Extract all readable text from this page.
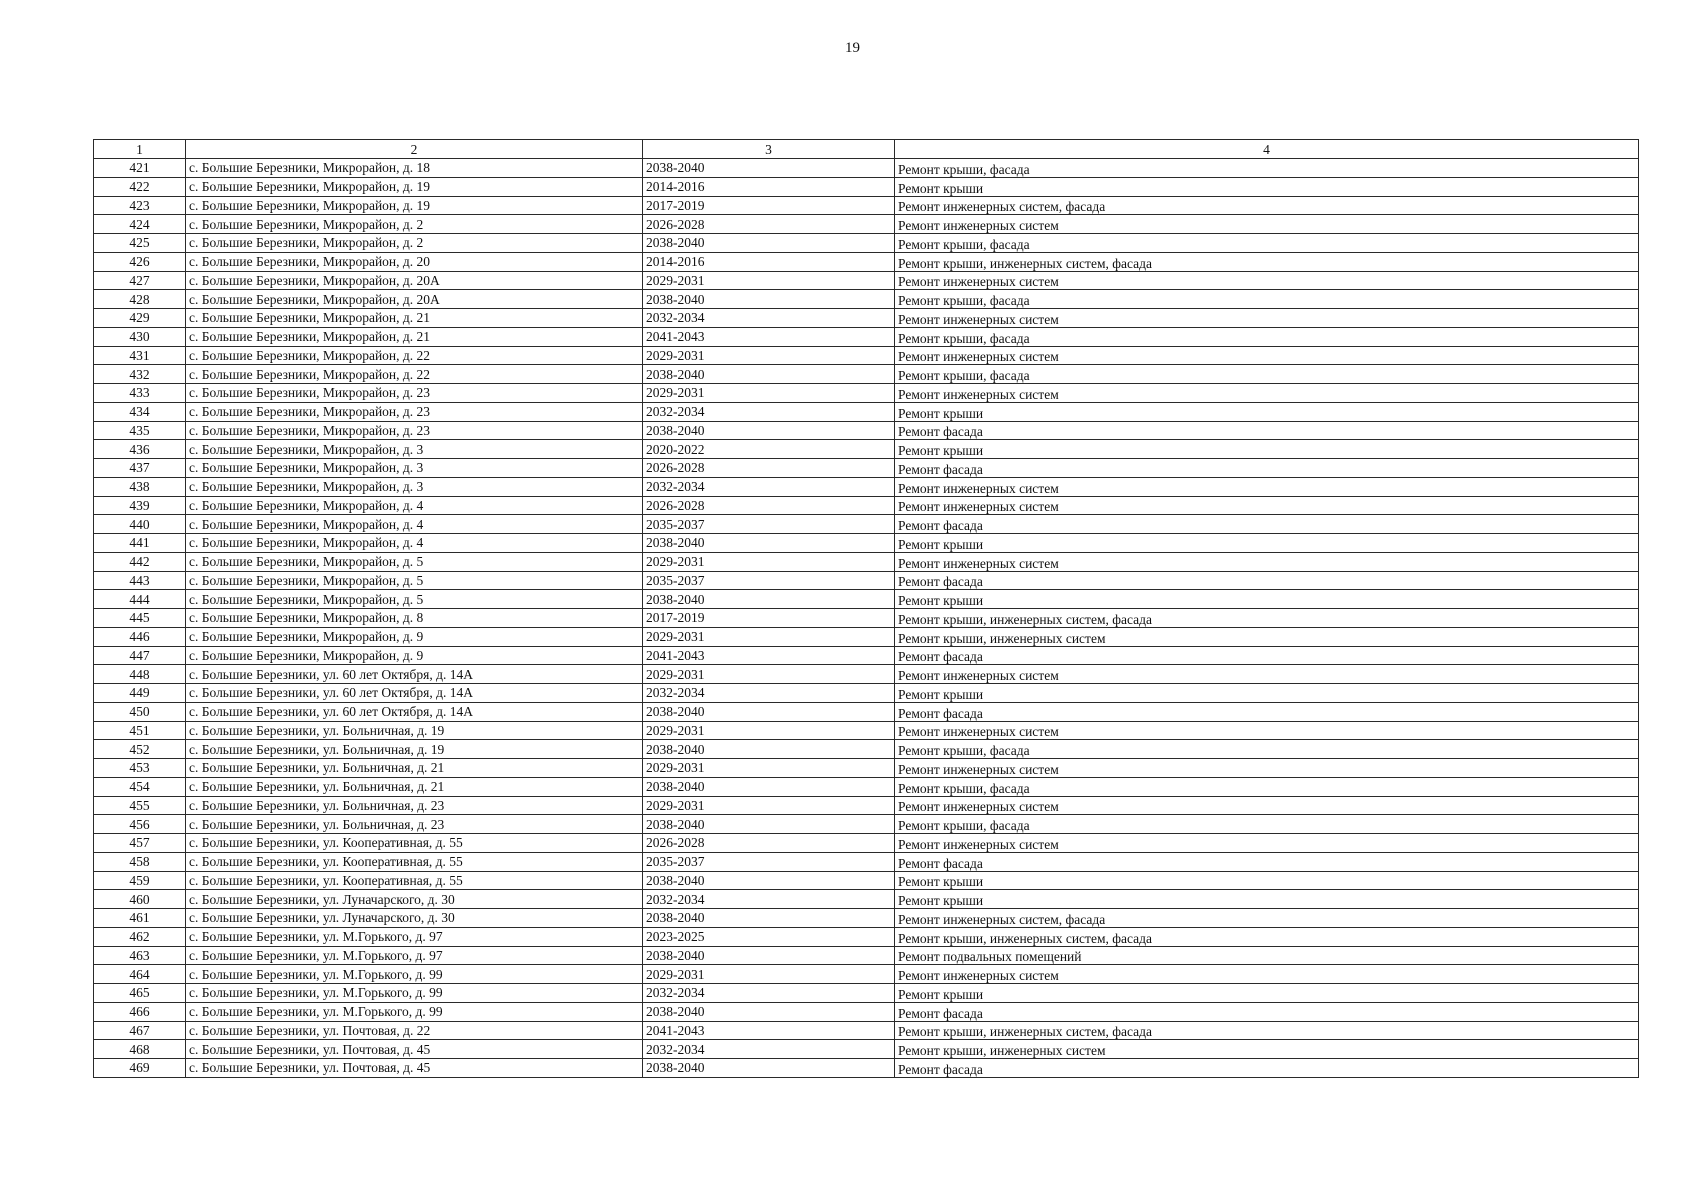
19
1	2	3	4
421	с. Большие Березники, Микрорайон, д. 18	2038-2040	Ремонт крыши, фасада
422	с. Большие Березники, Микрорайон, д. 19	2014-2016	Ремонт крыши
423	с. Большие Березники, Микрорайон, д. 19	2017-2019	Ремонт инженерных систем, фасада
424	с. Большие Березники, Микрорайон, д. 2	2026-2028	Ремонт инженерных систем
425	с. Большие Березники, Микрорайон, д. 2	2038-2040	Ремонт крыши, фасада
426	с. Большие Березники, Микрорайон, д. 20	2014-2016	Ремонт крыши, инженерных систем, фасада
427	с. Большие Березники, Микрорайон, д. 20А	2029-2031	Ремонт инженерных систем
428	с. Большие Березники, Микрорайон, д. 20А	2038-2040	Ремонт крыши, фасада
429	с. Большие Березники, Микрорайон, д. 21	2032-2034	Ремонт инженерных систем
430	с. Большие Березники, Микрорайон, д. 21	2041-2043	Ремонт крыши, фасада
431	с. Большие Березники, Микрорайон, д. 22	2029-2031	Ремонт инженерных систем
432	с. Большие Березники, Микрорайон, д. 22	2038-2040	Ремонт крыши, фасада
433	с. Большие Березники, Микрорайон, д. 23	2029-2031	Ремонт инженерных систем
434	с. Большие Березники, Микрорайон, д. 23	2032-2034	Ремонт крыши
435	с. Большие Березники, Микрорайон, д. 23	2038-2040	Ремонт фасада
436	с. Большие Березники, Микрорайон, д. 3	2020-2022	Ремонт крыши
437	с. Большие Березники, Микрорайон, д. 3	2026-2028	Ремонт фасада
438	с. Большие Березники, Микрорайон, д. 3	2032-2034	Ремонт инженерных систем
439	с. Большие Березники, Микрорайон, д. 4	2026-2028	Ремонт инженерных систем
440	с. Большие Березники, Микрорайон, д. 4	2035-2037	Ремонт фасада
441	с. Большие Березники, Микрорайон, д. 4	2038-2040	Ремонт крыши
442	с. Большие Березники, Микрорайон, д. 5	2029-2031	Ремонт инженерных систем
443	с. Большие Березники, Микрорайон, д. 5	2035-2037	Ремонт фасада
444	с. Большие Березники, Микрорайон, д. 5	2038-2040	Ремонт крыши
445	с. Большие Березники, Микрорайон, д. 8	2017-2019	Ремонт крыши, инженерных систем, фасада
446	с. Большие Березники, Микрорайон, д. 9	2029-2031	Ремонт крыши, инженерных систем
447	с. Большие Березники, Микрорайон, д. 9	2041-2043	Ремонт фасада
448	с. Большие Березники, ул. 60 лет Октября, д. 14А	2029-2031	Ремонт инженерных систем
449	с. Большие Березники, ул. 60 лет Октября, д. 14А	2032-2034	Ремонт крыши
450	с. Большие Березники, ул. 60 лет Октября, д. 14А	2038-2040	Ремонт фасада
451	с. Большие Березники, ул. Больничная, д. 19	2029-2031	Ремонт инженерных систем
452	с. Большие Березники, ул. Больничная, д. 19	2038-2040	Ремонт крыши, фасада
453	с. Большие Березники, ул. Больничная, д. 21	2029-2031	Ремонт инженерных систем
454	с. Большие Березники, ул. Больничная, д. 21	2038-2040	Ремонт крыши, фасада
455	с. Большие Березники, ул. Больничная, д. 23	2029-2031	Ремонт инженерных систем
456	с. Большие Березники, ул. Больничная, д. 23	2038-2040	Ремонт крыши, фасада
457	с. Большие Березники, ул. Кооперативная, д. 55	2026-2028	Ремонт инженерных систем
458	с. Большие Березники, ул. Кооперативная, д. 55	2035-2037	Ремонт фасада
459	с. Большие Березники, ул. Кооперативная, д. 55	2038-2040	Ремонт крыши
460	с. Большие Березники, ул. Луначарского, д. 30	2032-2034	Ремонт крыши
461	с. Большие Березники, ул. Луначарского, д. 30	2038-2040	Ремонт инженерных систем, фасада
462	с. Большие Березники, ул. М.Горького, д. 97	2023-2025	Ремонт крыши, инженерных систем, фасада
463	с. Большие Березники, ул. М.Горького, д. 97	2038-2040	Ремонт подвальных помещений
464	с. Большие Березники, ул. М.Горького, д. 99	2029-2031	Ремонт инженерных систем
465	с. Большие Березники, ул. М.Горького, д. 99	2032-2034	Ремонт крыши
466	с. Большие Березники, ул. М.Горького, д. 99	2038-2040	Ремонт фасада
467	с. Большие Березники, ул. Почтовая, д. 22	2041-2043	Ремонт крыши, инженерных систем, фасада
468	с. Большие Березники, ул. Почтовая, д. 45	2032-2034	Ремонт крыши, инженерных систем
469	с. Большие Березники, ул. Почтовая, д. 45	2038-2040	Ремонт фасада
